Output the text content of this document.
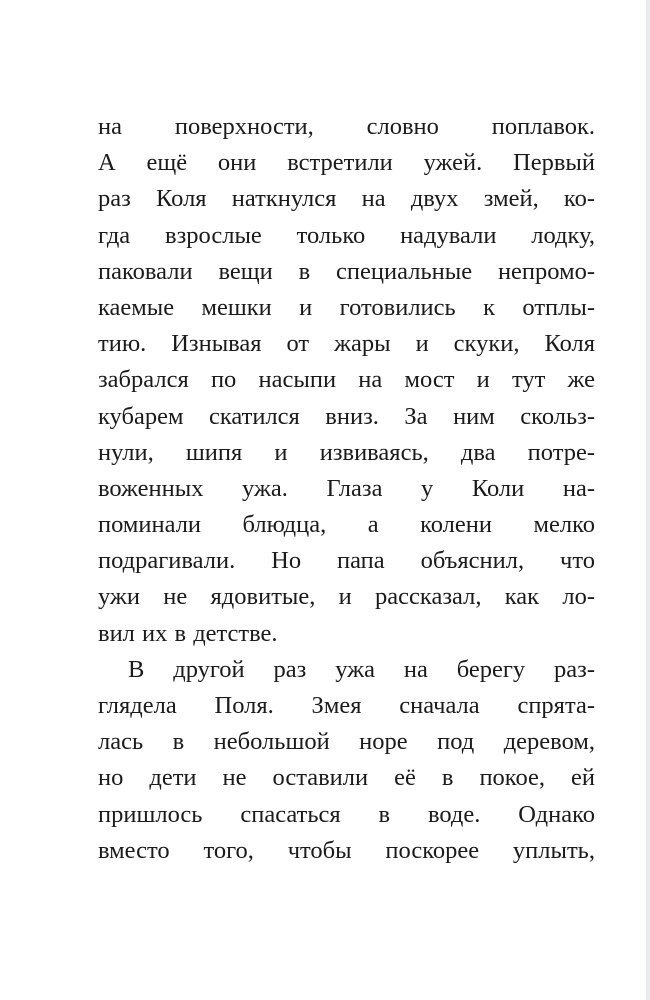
на поверхности, словно поплавок.
А ещё они встретили ужей. Первый
раз Коля наткнулся на двух змей, ко-
гда взрослые только надували лодку,
паковали вещи в специальные непромо-
каемые мешки и готовились к отплы-
тию. Изнывая от жары и скуки, Коля
забрался по насыпи на мост и тут же
кубарем скатился вниз. За ним скольз-
нули, шипя и извиваясь, два потре-
воженных ужа. Глаза у Коли на-
поминали блюдца, а колени мелко
подрагивали. Но папа объяснил, что
ужи не ядовитые, и рассказал, как ло-
вил их в детстве.
В другой раз ужа на берегу раз-
глядела Поля. Змея сначала спрята-
лась в небольшой норе под деревом,
но дети не оставили её в покое, ей
пришлось спасаться в воде. Однако
вместо того, чтобы поскорее уплыть,
